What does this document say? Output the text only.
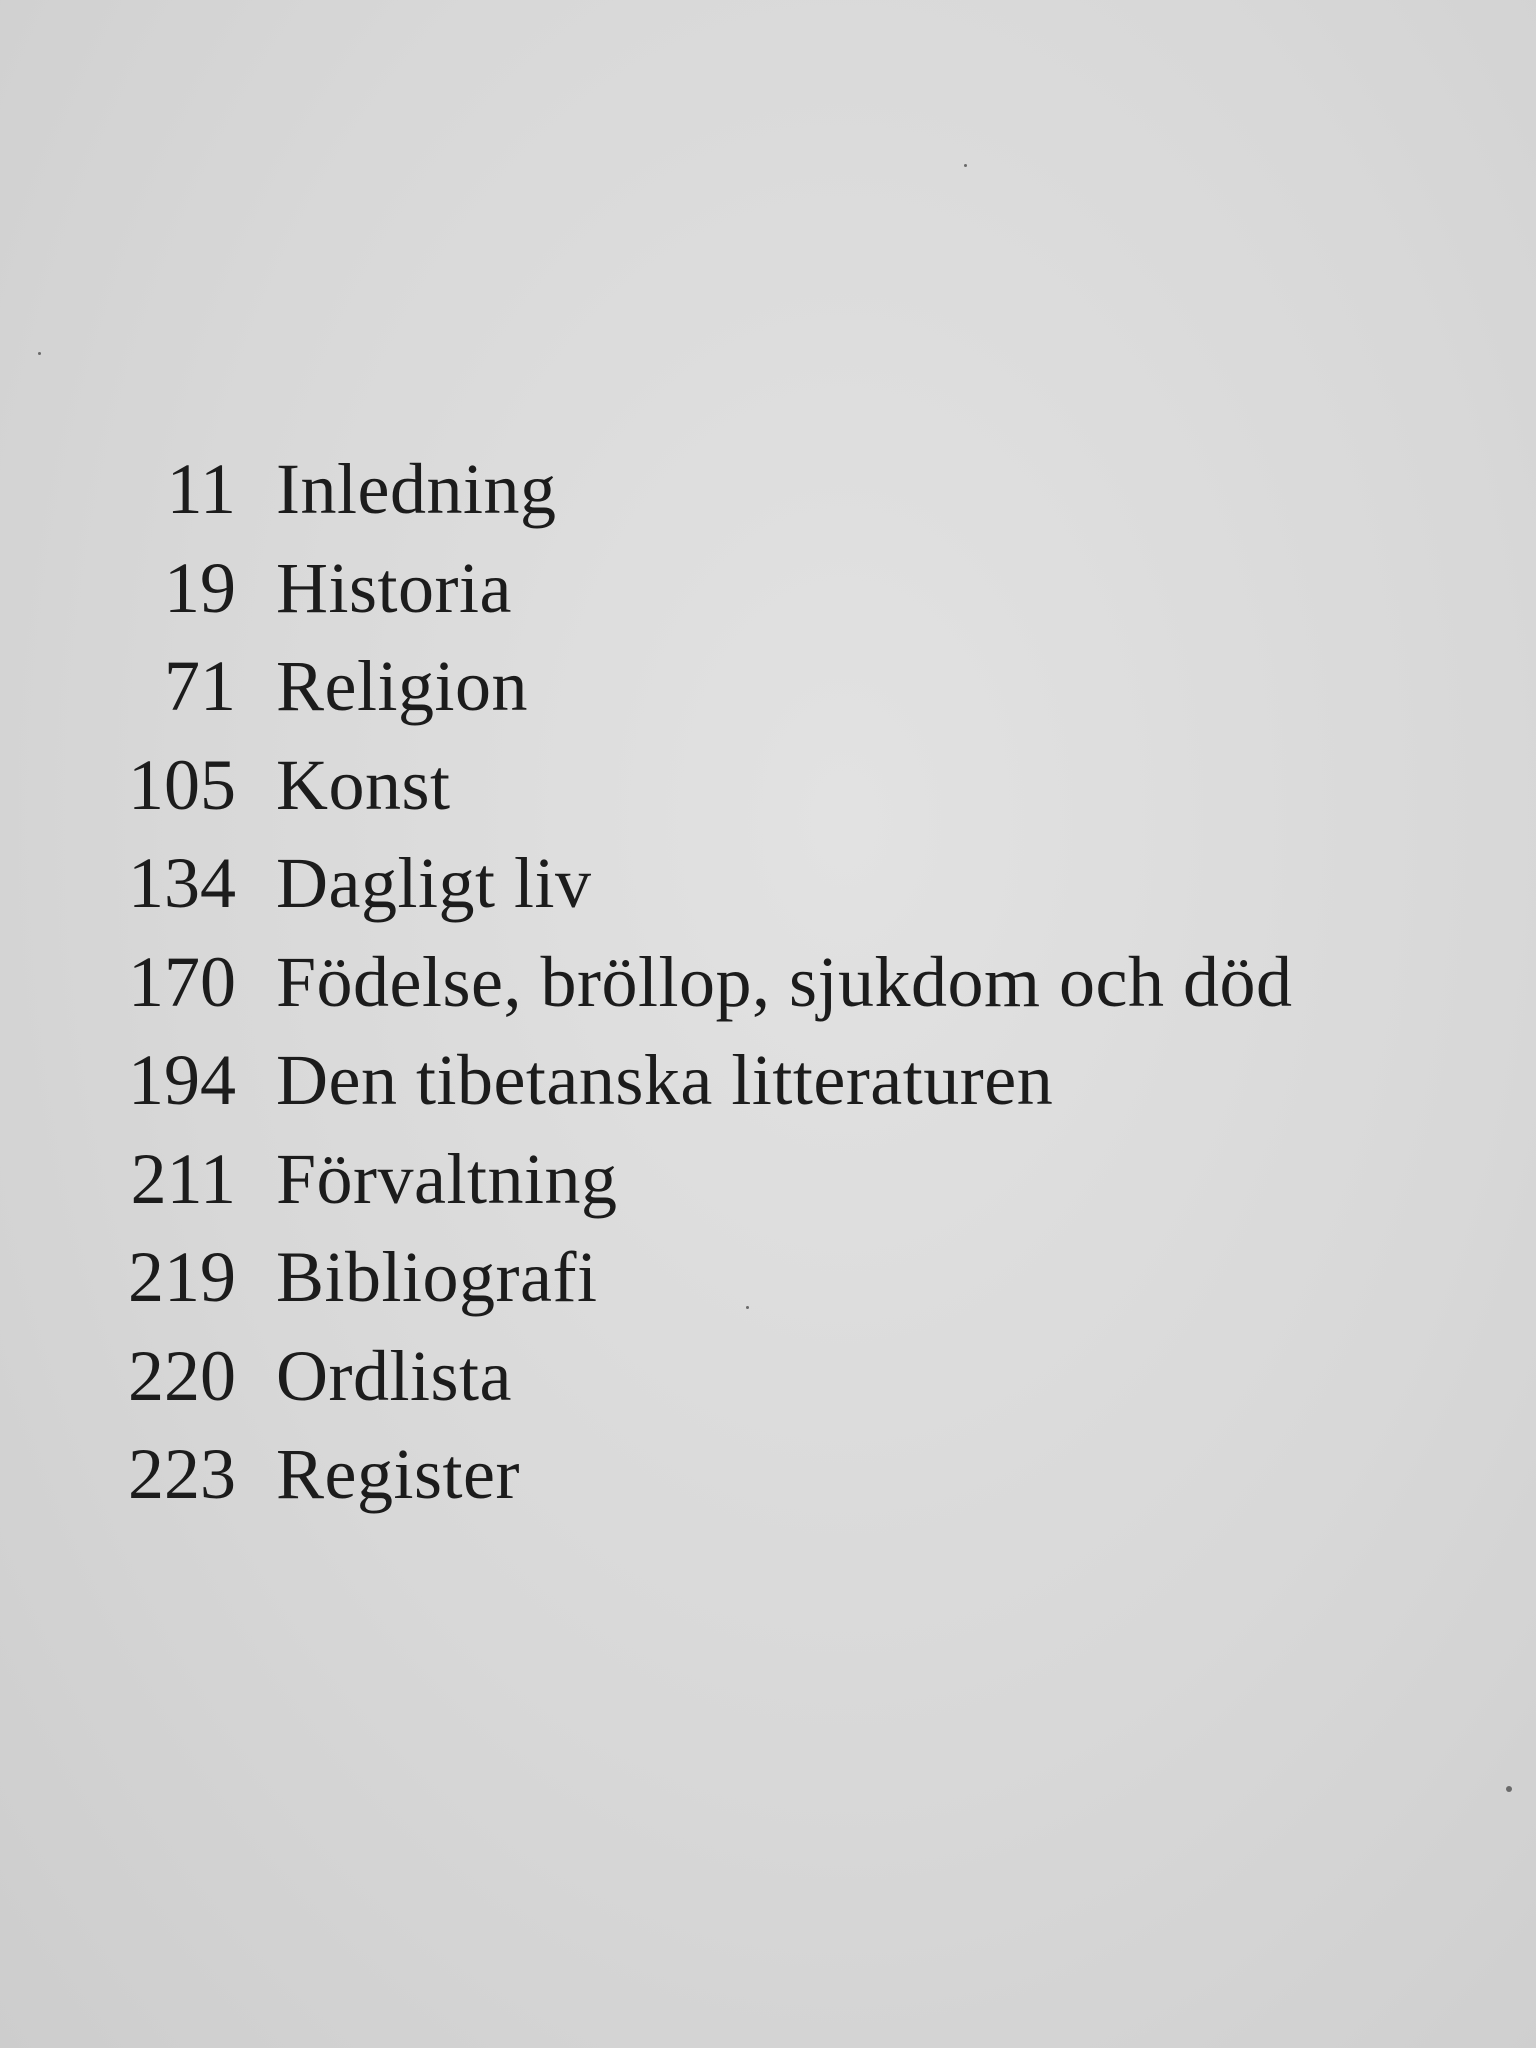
11 Inledning
19 Historia
71 Religion
105 Konst
134 Dagligt liv
170 Födelse, bröllop, sjukdom och död
194 Den tibetanska litteraturen
211 Förvaltning
219 Bibliografi
220 Ordlista
223 Register
